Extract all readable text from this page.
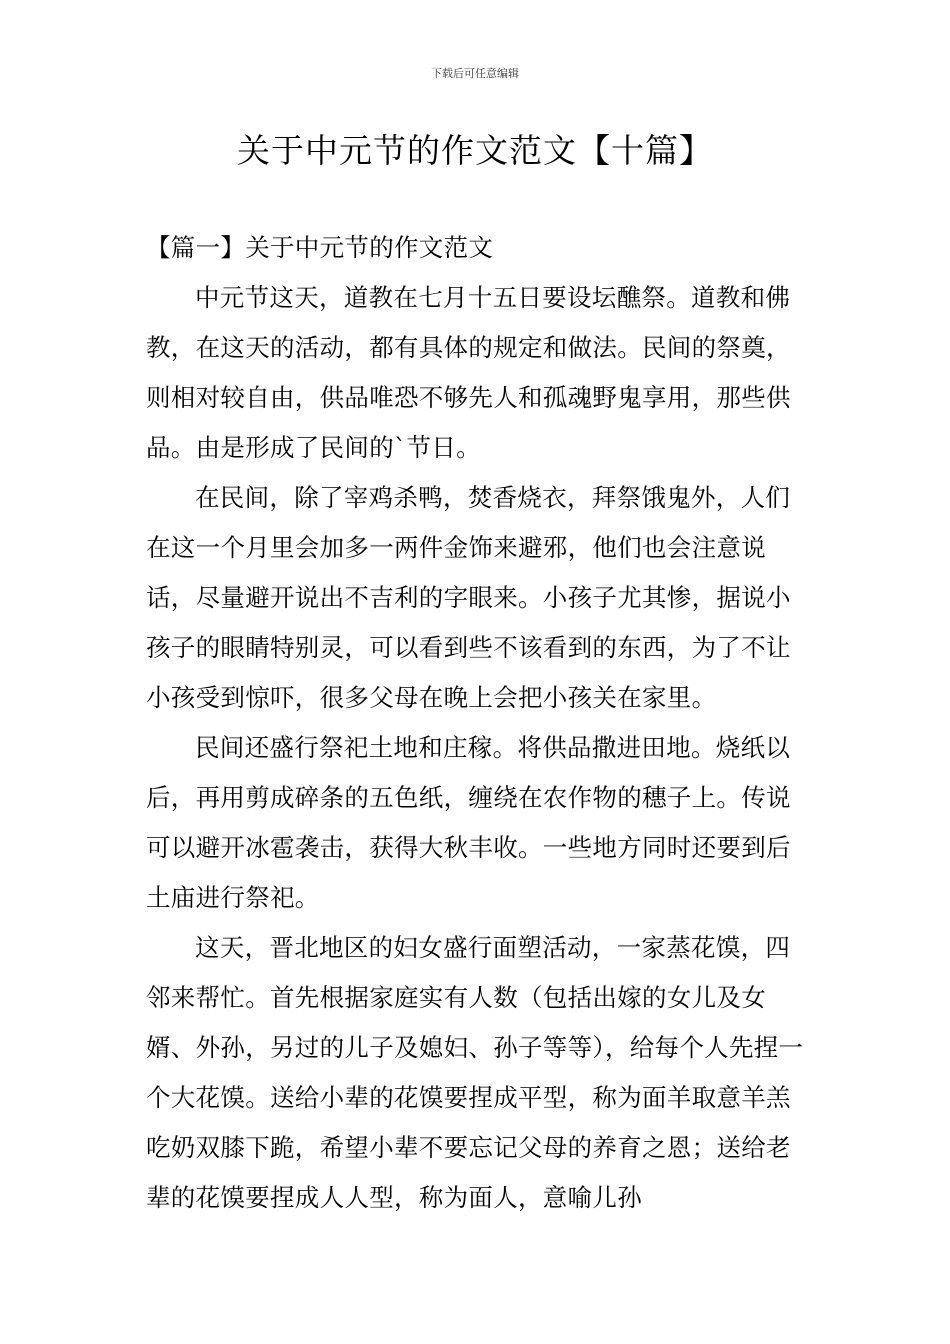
下载后可任意编辑
关于中元节的作文范文【十篇】
【篇一】关于中元节的作文范文

中元节这天，道教在七月十五日要设坛醮祭。道教和佛教，在这天的活动，都有具体的规定和做法。民间的祭奠，则相对较自由，供品唯恐不够先人和孤魂野鬼享用，那些供品。由是形成了民间的`节日。

在民间，除了宰鸡杀鸭，焚香烧衣，拜祭饿鬼外，人们在这一个月里会加多一两件金饰来避邪，他们也会注意说话，尽量避开说出不吉利的字眼来。小孩子尤其惨，据说小孩子的眼睛特别灵，可以看到些不该看到的东西，为了不让小孩受到惊吓，很多父母在晚上会把小孩关在家里。

民间还盛行祭祀土地和庄稼。将供品撒进田地。烧纸以后，再用剪成碎条的五色纸，缠绕在农作物的穗子上。传说可以避开冰雹袭击，获得大秋丰收。一些地方同时还要到后土庙进行祭祀。

这天，晋北地区的妇女盛行面塑活动，一家蒸花馍，四邻来帮忙。首先根据家庭实有人数（包括出嫁的女儿及女婿、外孙，另过的儿子及媳妇、孙子等等），给每个人先捏一个大花馍。送给小辈的花馍要捏成平型，称为面羊取意羊羔吃奶双膝下跪，希望小辈不要忘记父母的养育之恩；送给老辈的花馍要捏成人人型，称为面人，意喻儿孙
